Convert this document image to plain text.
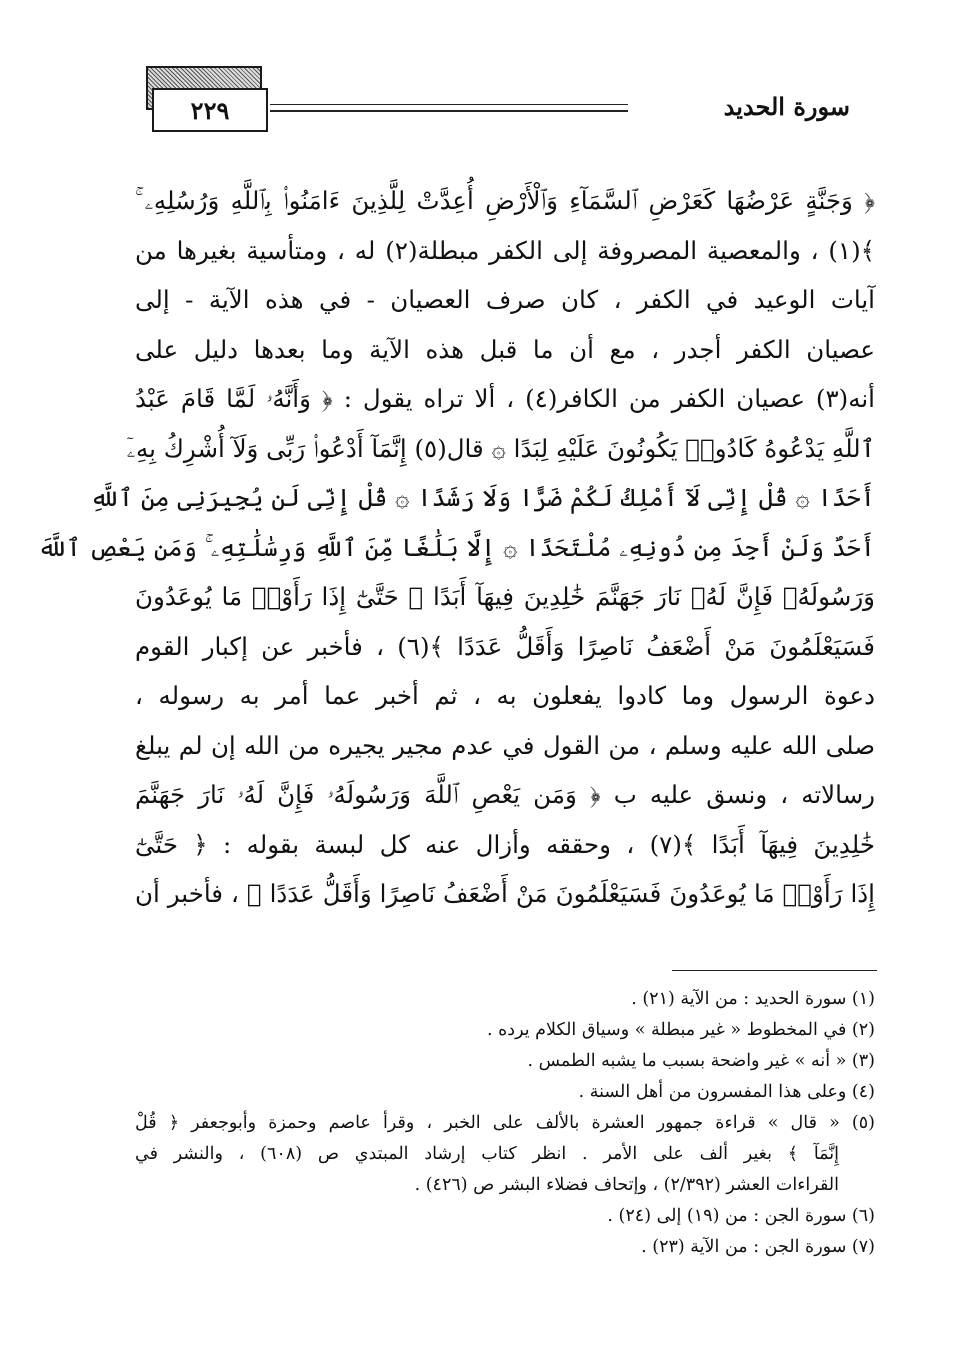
٢٢٩	سورة الحديد
﴿ وَجَنَّةٍ عَرْضُهَا كَعَرْضِ ٱلسَّمَآءِ وَٱلْأَرْضِ أُعِدَّتْ لِلَّذِينَ ءَامَنُوا۟ بِٱللَّهِ وَرُسُلِهِۦ ۚ
﴾(١) ، والمعصية المصروفة إلى الكفر مبطلة(٢) له ، ومتأسية بغيرها من
آيات الوعيد في الكفر ، كان صرف العصيان - في هذه الآية - إلى
عصيان الكفر أجدر ، مع أن ما قبل هذه الآية وما بعدها دليل على
أنه(٣) عصيان الكفر من الكافر(٤) ، ألا تراه يقول : ﴿ وَأَنَّهُۥ لَمَّا قَامَ عَبْدُ
ٱللَّهِ يَدْعُوهُ كَادُوا۟ يَكُونُونَ عَلَيْهِ لِبَدًا ۞ قال(٥) إِنَّمَآ أَدْعُوا۟ رَبِّى وَلَآ أُشْرِكُ بِهِۦٓ
أَحَدًا ۞ قُلْ إِنِّى لَآ أَمْلِكُ لَكُمْ ضَرًّا وَلَا رَشَدًا ۞ قُلْ إِنِّى لَن يُجِيرَنِى مِنَ ٱللَّهِ
أَحَدٌ وَلَنْ أَجِدَ مِن دُونِهِۦ مُلْتَحَدًا ۞ إِلَّا بَلَٰغًا مِّنَ ٱللَّهِ وَرِسَٰلَٰتِهِۦ ۚ وَمَن يَعْصِ ٱللَّهَ
وَرَسُولَهُۥ فَإِنَّ لَهُۥ نَارَ جَهَنَّمَ خَٰلِدِينَ فِيهَآ أَبَدًا ۞ حَتَّىٰٓ إِذَا رَأَوْا۟ مَا يُوعَدُونَ
فَسَيَعْلَمُونَ مَنْ أَضْعَفُ نَاصِرًا وَأَقَلُّ عَدَدًا ﴾(٦) ، فأخبر عن إكبار القوم
دعوة الرسول وما كادوا يفعلون به ، ثم أخبر عما أمر به رسوله ،
صلى الله عليه وسلم ، من القول في عدم مجير يجيره من الله إن لم يبلغ
رسالاته ، ونسق عليه ب ﴿ وَمَن يَعْصِ ٱللَّهَ وَرَسُولَهُۥ فَإِنَّ لَهُۥ نَارَ جَهَنَّمَ
خَٰلِدِينَ فِيهَآ أَبَدًا ﴾(٧) ، وحققه وأزال عنه كل لبسة بقوله : ﴿ حَتَّىٰٓ
إِذَا رَأَوْا۟ مَا يُوعَدُونَ فَسَيَعْلَمُونَ مَنْ أَضْعَفُ نَاصِرًا وَأَقَلُّ عَدَدًا ﴾ ، فأخبر أن
(١) سورة الحديد : من الآية (٢١) .
(٢) في المخطوط « غير مبطلة » وسياق الكلام يرده .
(٣) « أنه » غير واضحة بسبب ما يشبه الطمس .
(٤) وعلى هذا المفسرون من أهل السنة .
(٥) « قال » قراءة جمهور العشرة بالألف على الخبر ، وقرأ عاصم وحمزة وأبوجعفر ﴿ قُلْ
إِنَّمَآ ﴾ بغير ألف على الأمر . انظر كتاب إرشاد المبتدي ص (٦٠٨) ، والنشر في
القراءات العشر (٢/٣٩٢) ، وإتحاف فضلاء البشر ص (٤٢٦) .
(٦) سورة الجن : من (١٩) إلى (٢٤) .
(٧) سورة الجن : من الآية (٢٣) .
